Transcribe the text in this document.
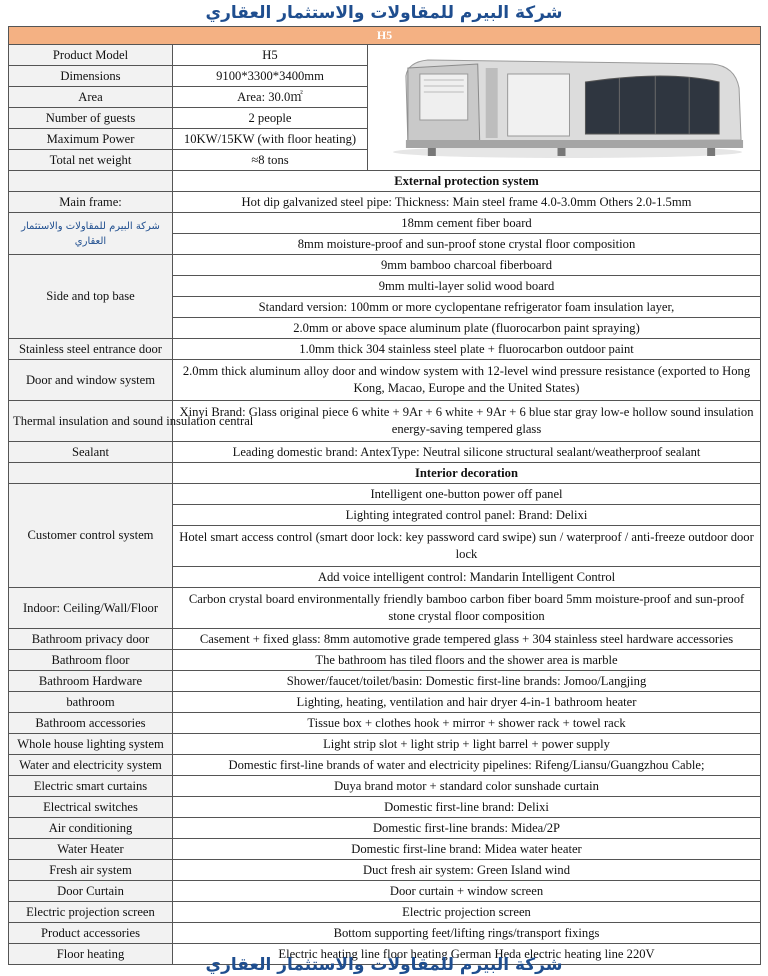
شركة البيرم للمقاولات والاستثمار العقاري
H5		
Product Model	H5	

Dimensions	9100*3300*3400mm	
Area	Area: 30.0㎡	
Number of guests	2 people	
Maximum Power	10KW/15KW (with floor heating)	
Total net weight	≈8 tons	
	External protection system	
Main frame:	Hot dip galvanized steel pipe: Thickness: Main steel frame 4.0-3.0mm Others 2.0-1.5mm	
شركة البيرم للمقاولات والاستثمار العقاري	18mm cement fiber board	
	8mm moisture-proof and sun-proof stone crystal floor composition	
Side and top base	9mm bamboo charcoal fiberboard	
	9mm multi-layer solid wood board	
	Standard version: 100mm or more cyclopentane refrigerator foam insulation layer,	
	2.0mm or above space aluminum plate (fluorocarbon paint spraying)	
Stainless steel entrance door	1.0mm thick 304 stainless steel plate + fluorocarbon outdoor paint	
Door and window system	2.0mm thick aluminum alloy door and window system with 12-level wind pressure resistance (exported to Hong Kong, Macao, Europe and the United States)	
Thermal insulation and sound insulation central	Xinyi Brand: Glass original piece 6 white + 9Ar + 6 white + 9Ar + 6 blue star gray low-e hollow sound insulation energy-saving tempered glass	
Sealant	Leading domestic brand: AntexType: Neutral silicone structural sealant/weatherproof sealant	
	Interior decoration	
Customer control system	Intelligent one-button power off panel	
	Lighting integrated control panel: Brand: Delixi	
	Hotel smart access control (smart door lock: key password card swipe) sun / waterproof / anti-freeze outdoor door lock	
	Add voice intelligent control: Mandarin Intelligent Control	
Indoor: Ceiling/Wall/Floor	Carbon crystal board environmentally friendly bamboo carbon fiber board 5mm moisture-proof and sun-proof stone crystal floor composition	
Bathroom privacy door	Casement + fixed glass: 8mm automotive grade tempered glass + 304 stainless steel hardware accessories	
Bathroom floor	The bathroom has tiled floors and the shower area is marble	
Bathroom Hardware	Shower/faucet/toilet/basin: Domestic first-line brands: Jomoo/Langjing	
bathroom	Lighting, heating, ventilation and hair dryer 4-in-1 bathroom heater	
Bathroom accessories	Tissue box + clothes hook + mirror + shower rack + towel rack	
Whole house lighting system	Light strip slot + light strip + light barrel + power supply	
Water and electricity system	Domestic first-line brands of water and electricity pipelines: Rifeng/Liansu/Guangzhou Cable;	
Electric smart curtains	Duya brand motor + standard color sunshade curtain	
Electrical switches	Domestic first-line brand: Delixi	
Air conditioning	Domestic first-line brands: Midea/2P	
Water Heater	Domestic first-line brand: Midea water heater	
Fresh air system	Duct fresh air system: Green Island wind	
Door Curtain	Door curtain + window screen	
Electric projection screen	Electric projection screen	
Product accessories	Bottom supporting feet/lifting rings/transport fixings	
Floor heating	Electric heating line floor heating German Heda electric heating line 220V	
شركة البيرم للمقاولات والاستثمار العقاري
